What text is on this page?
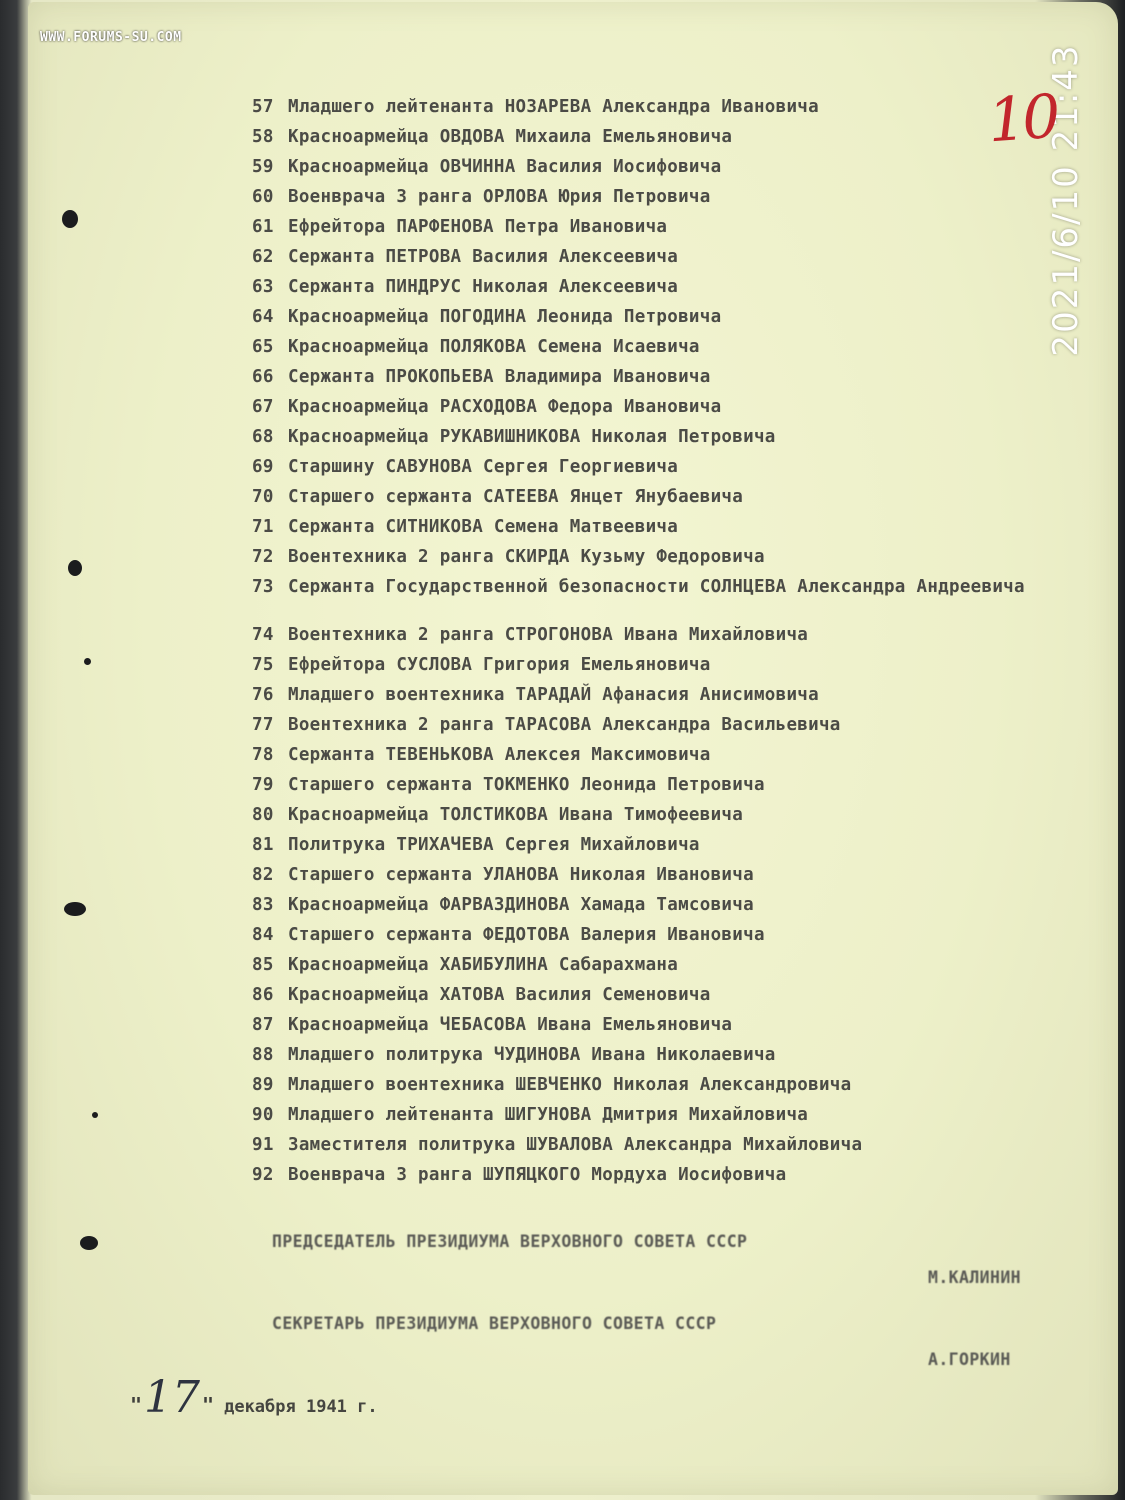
WWW.FORUMS-SU.COM
2021/6/10 21:43
10
57 Младшего лейтенанта НОЗАРЕВА Александра Ивановича
58 Красноармейца ОВДОВА Михаила Емельяновича
59 Красноармейца ОВЧИННА Василия Иосифовича
60 Военврача 3 ранга ОРЛОВА Юрия Петровича
61 Ефрейтора ПАРФЕНОВА Петра Ивановича
62 Сержанта ПЕТРОВА Василия Алексеевича
63 Сержанта ПИНДРУС Николая Алексеевича
64 Красноармейца ПОГОДИНА Леонида Петровича
65 Красноармейца ПОЛЯКОВА Семена Исаевича
66 Сержанта ПРОКОПЬЕВА Владимира Ивановича
67 Красноармейца РАСХОДОВА Федора Ивановича
68 Красноармейца РУКАВИШНИКОВА Николая Петровича
69 Старшину САВУНОВА Сергея Георгиевича
70 Старшего сержанта САТЕЕВА Янцет Янубаевича
71 Сержанта СИТНИКОВА Семена Матвеевича
72 Воентехника 2 ранга СКИРДА Кузьму Федоровича
73 Сержанта Государственной безопасности СОЛНЦЕВА Александра Андреевича
74 Воентехника 2 ранга СТРОГОНОВА Ивана Михайловича
75 Ефрейтора СУСЛОВА Григория Емельяновича
76 Младшего воентехника ТАРАДАЙ Афанасия Анисимовича
77 Воентехника 2 ранга ТАРАСОВА Александра Васильевича
78 Сержанта ТЕВЕНЬКОВА Алексея Максимовича
79 Старшего сержанта ТОКМЕНКО Леонида Петровича
80 Красноармейца ТОЛСТИКОВА Ивана Тимофеевича
81 Политрука ТРИХАЧЕВА Сергея Михайловича
82 Старшего сержанта УЛАНОВА Николая Ивановича
83 Красноармейца ФАРВАЗДИНОВА Хамада Тамсовича
84 Старшего сержанта ФЕДОТОВА Валерия Ивановича
85 Красноармейца ХАБИБУЛИНА Сабарахмана
86 Красноармейца ХАТОВА Василия Семеновича
87 Красноармейца ЧЕБАСОВА Ивана Емельяновича
88 Младшего политрука ЧУДИНОВА Ивана Николаевича
89 Младшего воентехника ШЕВЧЕНКО Николая Александровича
90 Младшего лейтенанта ШИГУНОВА Дмитрия Михайловича
91 Заместителя политрука ШУВАЛОВА Александра Михайловича
92 Военврача 3 ранга ШУПЯЦКОГО Мордуха Иосифовича
ПРЕДСЕДАТЕЛЬ ПРЕЗИДИУМА ВЕРХОВНОГО СОВЕТА СССР
М.КАЛИНИН
СЕКРЕТАРЬ ПРЕЗИДИУМА ВЕРХОВНОГО СОВЕТА СССР
А.ГОРКИН
" 17 " декабря 1941 г.
